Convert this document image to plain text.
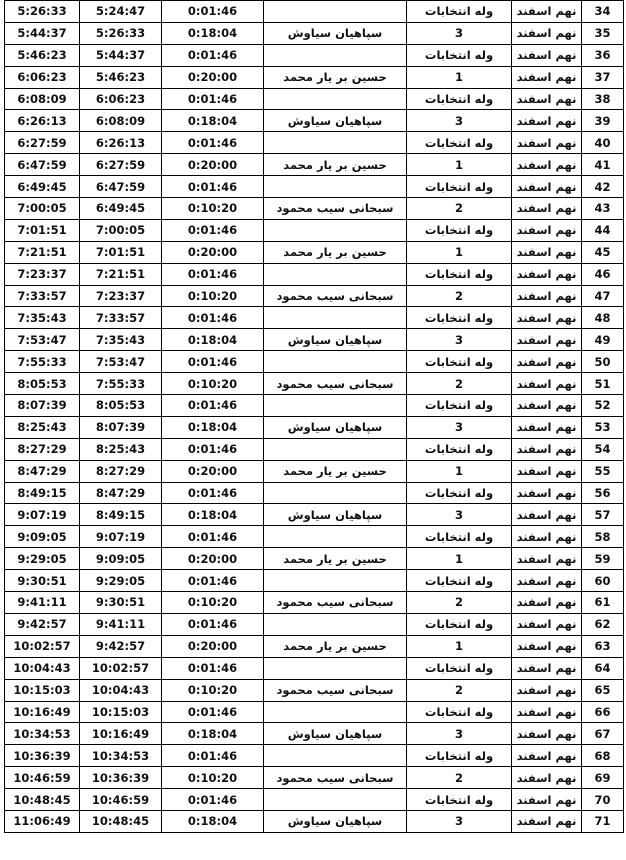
5:26:33	5:24:47	0:01:46		وله انتخابات	نهم اسفند	34
5:44:37	5:26:33	0:18:04	سپاهیان سیاوش	3	نهم اسفند	35
5:46:23	5:44:37	0:01:46		وله انتخابات	نهم اسفند	36
6:06:23	5:46:23	0:20:00	حسین بر یار محمد	1	نهم اسفند	37
6:08:09	6:06:23	0:01:46		وله انتخابات	نهم اسفند	38
6:26:13	6:08:09	0:18:04	سپاهیان سیاوش	3	نهم اسفند	39
6:27:59	6:26:13	0:01:46		وله انتخابات	نهم اسفند	40
6:47:59	6:27:59	0:20:00	حسین بر یار محمد	1	نهم اسفند	41
6:49:45	6:47:59	0:01:46		وله انتخابات	نهم اسفند	42
7:00:05	6:49:45	0:10:20	سبحانی سیب محمود	2	نهم اسفند	43
7:01:51	7:00:05	0:01:46		وله انتخابات	نهم اسفند	44
7:21:51	7:01:51	0:20:00	حسین بر یار محمد	1	نهم اسفند	45
7:23:37	7:21:51	0:01:46		وله انتخابات	نهم اسفند	46
7:33:57	7:23:37	0:10:20	سبحانی سیب محمود	2	نهم اسفند	47
7:35:43	7:33:57	0:01:46		وله انتخابات	نهم اسفند	48
7:53:47	7:35:43	0:18:04	سپاهیان سیاوش	3	نهم اسفند	49
7:55:33	7:53:47	0:01:46		وله انتخابات	نهم اسفند	50
8:05:53	7:55:33	0:10:20	سبحانی سیب محمود	2	نهم اسفند	51
8:07:39	8:05:53	0:01:46		وله انتخابات	نهم اسفند	52
8:25:43	8:07:39	0:18:04	سپاهیان سیاوش	3	نهم اسفند	53
8:27:29	8:25:43	0:01:46		وله انتخابات	نهم اسفند	54
8:47:29	8:27:29	0:20:00	حسین بر یار محمد	1	نهم اسفند	55
8:49:15	8:47:29	0:01:46		وله انتخابات	نهم اسفند	56
9:07:19	8:49:15	0:18:04	سپاهیان سیاوش	3	نهم اسفند	57
9:09:05	9:07:19	0:01:46		وله انتخابات	نهم اسفند	58
9:29:05	9:09:05	0:20:00	حسین بر یار محمد	1	نهم اسفند	59
9:30:51	9:29:05	0:01:46		وله انتخابات	نهم اسفند	60
9:41:11	9:30:51	0:10:20	سبحانی سیب محمود	2	نهم اسفند	61
9:42:57	9:41:11	0:01:46		وله انتخابات	نهم اسفند	62
10:02:57	9:42:57	0:20:00	حسین بر یار محمد	1	نهم اسفند	63
10:04:43	10:02:57	0:01:46		وله انتخابات	نهم اسفند	64
10:15:03	10:04:43	0:10:20	سبحانی سیب محمود	2	نهم اسفند	65
10:16:49	10:15:03	0:01:46		وله انتخابات	نهم اسفند	66
10:34:53	10:16:49	0:18:04	سپاهیان سیاوش	3	نهم اسفند	67
10:36:39	10:34:53	0:01:46		وله انتخابات	نهم اسفند	68
10:46:59	10:36:39	0:10:20	سبحانی سیب محمود	2	نهم اسفند	69
10:48:45	10:46:59	0:01:46		وله انتخابات	نهم اسفند	70
11:06:49	10:48:45	0:18:04	سپاهیان سیاوش	3	نهم اسفند	71
